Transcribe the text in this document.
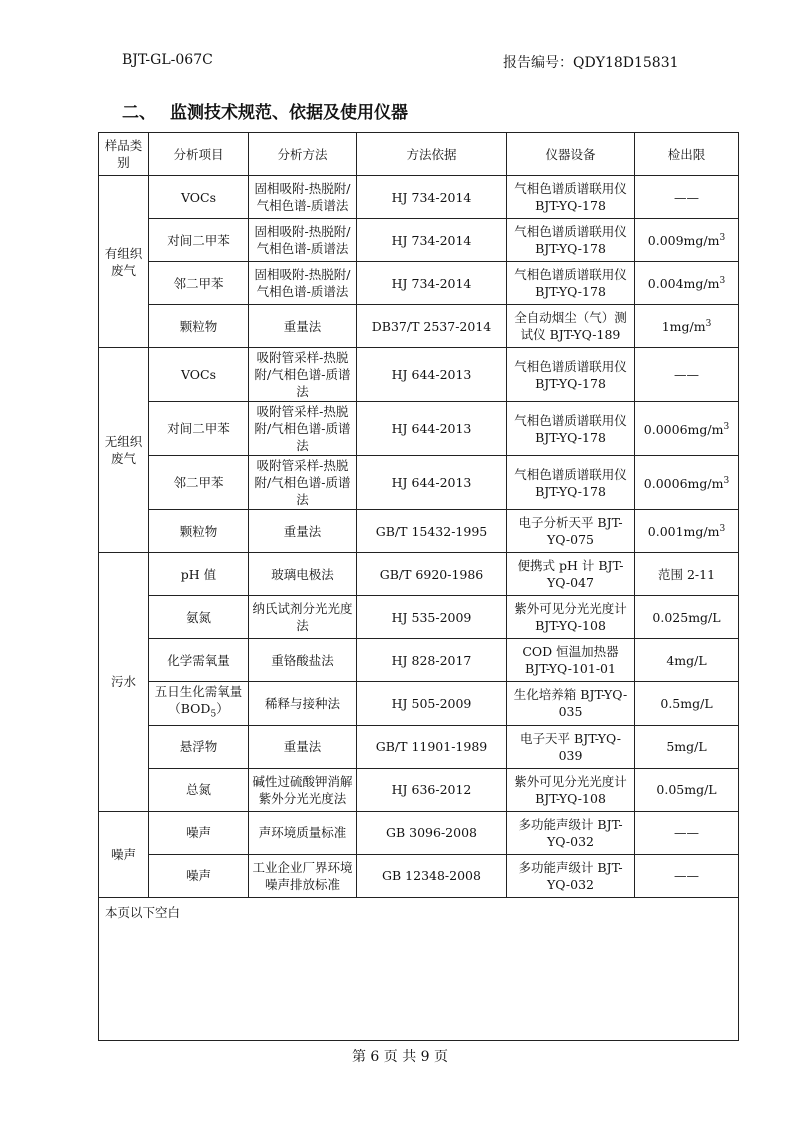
BJT-GL-067C	报告编号：QDY18D15831
二、 监测技术规范、依据及使用仪器
样品类别	分析项目	分析方法	方法依据	仪器设备	检出限
有组织废气	VOCs	固相吸附-热脱附/气相色谱-质谱法	HJ 734-2014	气相色谱质谱联用仪 BJT-YQ-178	——
	对间二甲苯	固相吸附-热脱附/气相色谱-质谱法	HJ 734-2014	气相色谱质谱联用仪 BJT-YQ-178	$0.009mg/m^3$
	邻二甲苯	固相吸附-热脱附/气相色谱-质谱法	HJ 734-2014	气相色谱质谱联用仪 BJT-YQ-178	$0.004mg/m^3$
	颗粒物	重量法	DB37/T 2537-2014	全自动烟尘（气）测试仪 BJT-YQ-189	$1mg/m^3$
无组织废气	VOCs	吸附管采样-热脱附/气相色谱-质谱法	HJ 644-2013	气相色谱质谱联用仪 BJT-YQ-178	——
	对间二甲苯	吸附管采样-热脱附/气相色谱-质谱法	HJ 644-2013	气相色谱质谱联用仪 BJT-YQ-178	$0.0006mg/m^3$
	邻二甲苯	吸附管采样-热脱附/气相色谱-质谱法	HJ 644-2013	气相色谱质谱联用仪 BJT-YQ-178	$0.0006mg/m^3$
	颗粒物	重量法	GB/T 15432-1995	电子分析天平 BJT-YQ-075	$0.001mg/m^3$
污水	pH 值	玻璃电极法	GB/T 6920-1986	便携式 pH 计 BJT-YQ-047	范围 2-11
	氨氮	纳氏试剂分光光度法	HJ 535-2009	紫外可见分光光度计 BJT-YQ-108	0.025mg/L
	化学需氧量	重铬酸盐法	HJ 828-2017	COD 恒温加热器 BJT-YQ-101-01	4mg/L
	五日生化需氧量$(BOD_5)$	稀释与接种法	HJ 505-2009	生化培养箱 BJT-YQ-035	0.5mg/L
	悬浮物	重量法	GB/T 11901-1989	电子天平 BJT-YQ-039	5mg/L
	总氮	碱性过硫酸钾消解紫外分光光度法	HJ 636-2012	紫外可见分光光度计 BJT-YQ-108	0.05mg/L
噪声	噪声	声环境质量标准	GB 3096-2008	多功能声级计 BJT-YQ-032	——
	噪声	工业企业厂界环境噪声排放标准	GB 12348-2008	多功能声级计 BJT-YQ-032	——
本页以下空白					
第 6 页 共 9 页
